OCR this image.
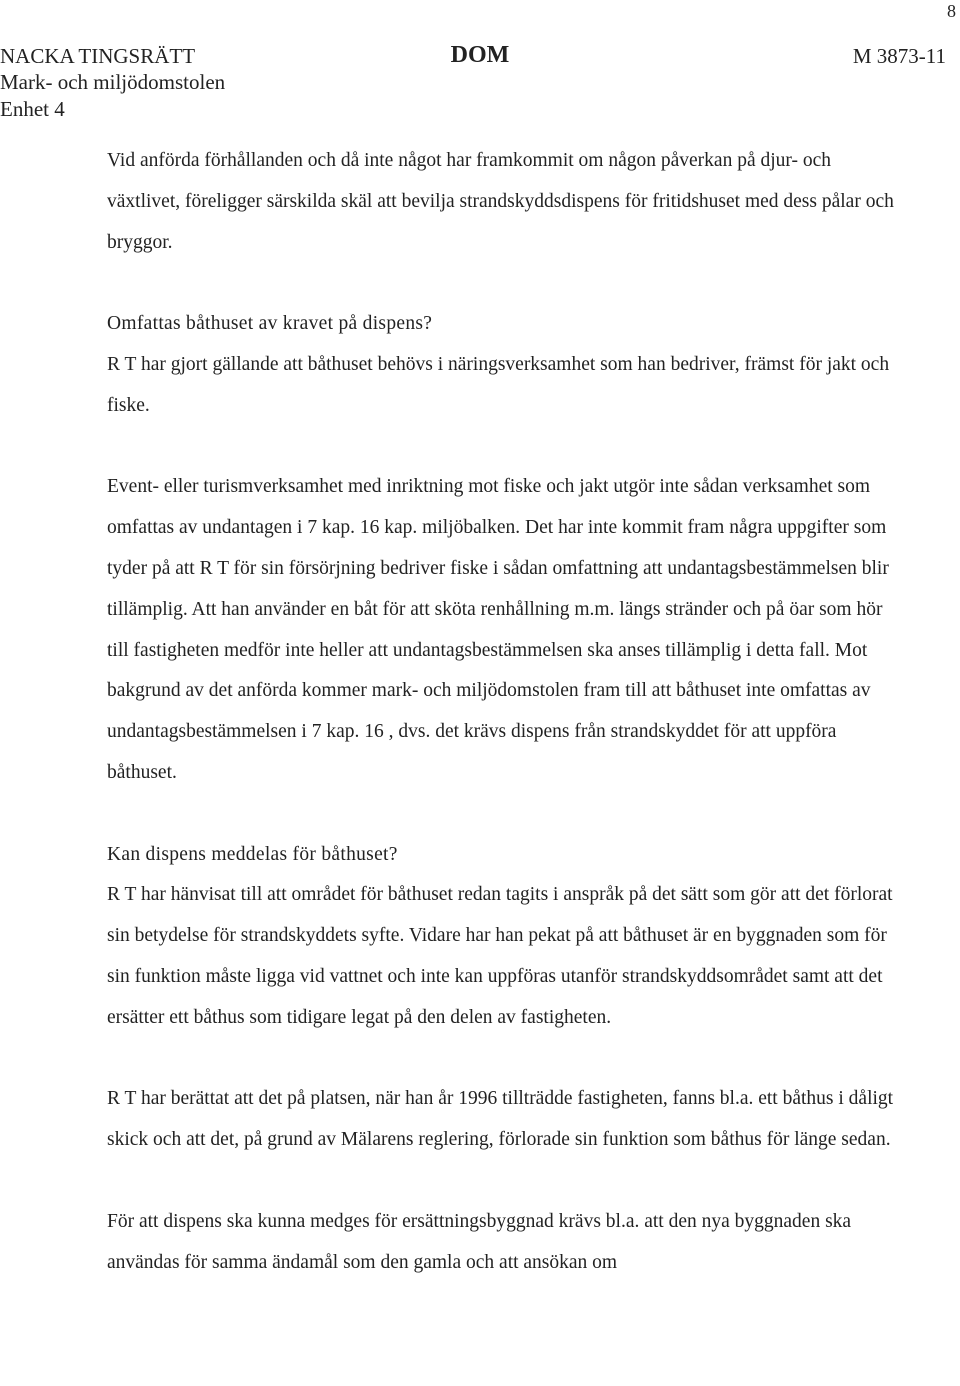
8
NACKA TINGSRÄTT
Mark- och miljödomstolen
Enhet 4
DOM	M 3873-11

Vid anförda förhållanden och då inte något har framkommit om någon påverkan på djur- och växtlivet, föreligger särskilda skäl att bevilja strandskyddsdispens för fritidshuset med dess pålar och bryggor.

Omfattas båthuset av kravet på dispens?

R T har gjort gällande att båthuset behövs i näringsverksamhet som han bedriver, främst för jakt och fiske.

Event- eller turismverksamhet med inriktning mot fiske och jakt utgör inte sådan verksamhet som omfattas av undantagen i 7 kap. 16 kap. miljöbalken. Det har inte kommit fram några uppgifter som tyder på att R T för sin försörjning bedriver fiske i sådan omfattning att undantagsbestämmelsen blir tillämplig. Att han använder en båt för att sköta renhållning m.m. längs stränder och på öar som hör till fastigheten medför inte heller att undantagsbestämmelsen ska anses tillämplig i detta fall. Mot bakgrund av det anförda kommer mark- och miljödomstolen fram till att båthuset inte omfattas av undantagsbestämmelsen i 7 kap. 16 , dvs. det krävs dispens från strandskyddet för att uppföra båthuset.

Kan dispens meddelas för båthuset?

R T har hänvisat till att området för båthuset redan tagits i anspråk på det sätt som gör att det förlorat sin betydelse för strandskyddets syfte. Vidare har han pekat på att båthuset är en byggnaden som för sin funktion måste ligga vid vattnet och inte kan uppföras utanför strandskyddsområdet samt att det ersätter ett båthus som tidigare legat på den delen av fastigheten.

R T har berättat att det på platsen, när han år 1996 tillträdde fastigheten, fanns bl.a. ett båthus i dåligt skick och att det, på grund av Mälarens reglering, förlorade sin funktion som båthus för länge sedan.

För att dispens ska kunna medges för ersättningsbyggnad krävs bl.a. att den nya byggnaden ska användas för samma ändamål som den gamla och att ansökan om
